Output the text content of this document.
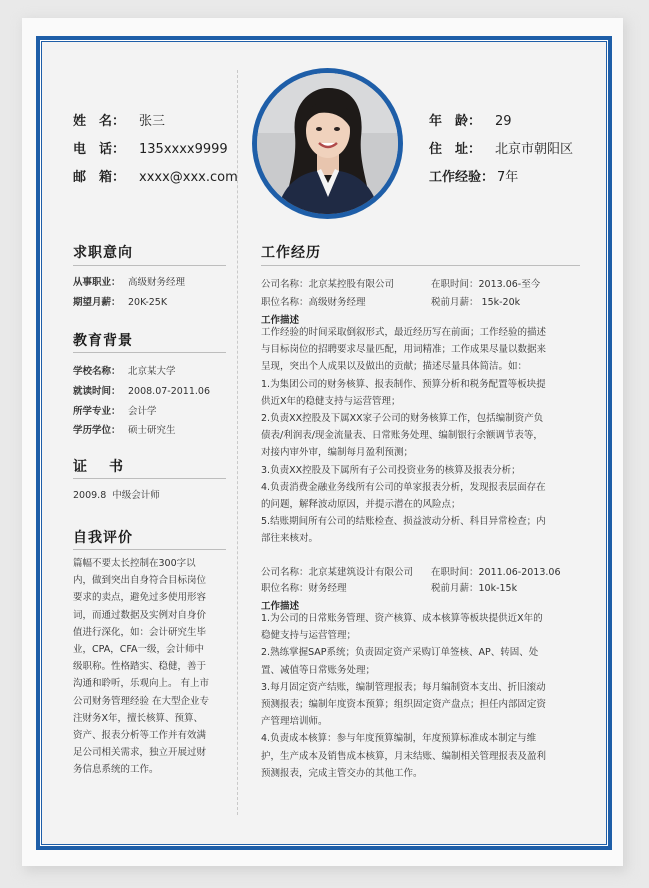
姓　名： 张三
电　话： 135xxxx9999
邮　箱： xxxx@xxx.com
年　龄： 29
住　址： 北京市朝阳区
工作经验： 7年
求职意向
从事职业： 高级财务经理
期望月薪： 20K-25K
教育背景
学校名称： 北京某大学
就读时间： 2008.07-2011.06
所学专业： 会计学
学历学位： 硕士研究生
证　书
2009.8  中级会计师
自我评价
篇幅不要太长控制在300字以
内，做到突出自身符合目标岗位
要求的卖点，避免过多使用形容
词，而通过数据及实例对自身价
值进行深化，如：会计研究生毕
业，CPA，CFA一级，会计师中
级职称。性格踏实、稳健，善于
沟通和聆听，乐观向上。 有上市
公司财务管理经验 在大型企业专
注财务X年，擅长核算、预算、
资产、报表分析等工作并有效满
足公司相关需求，独立开展过财
务信息系统的工作。
工作经历
公司名称：北京某控股有限公司	在职时间：2013.06-至今
职位名称：高级财务经理	税前月薪： 15k-20k
工作描述
工作经验的时间采取倒叙形式，最近经历写在前面；工作经验的描述
与目标岗位的招聘要求尽量匹配，用词精准；工作成果尽量以数据来
呈现，突出个人成果以及做出的贡献；描述尽量具体简洁。如：
1.为集团公司的财务核算、报表制作、预算分析和税务配置等板块提
供近X年的稳健支持与运营管理；
2.负责XX控股及下属XX家子公司的财务核算工作，包括编制资产负
债表/利润表/现金流量表、日常账务处理、编制银行余额调节表等，
对接内审外审，编制每月盈利预测；
3.负责XX控股及下属所有子公司投资业务的核算及报表分析；
4.负责消费金融业务线所有公司的单家报表分析，发现报表层面存在
的问题，解释波动原因，并提示潜在的风险点；
5.结账期间所有公司的结账检查、损益波动分析、科目异常检查；内
部往来核对。
公司名称：北京某建筑设计有限公司 在职时间：2011.06-2013.06
职位名称：财务经理	税前月薪：10k-15k
工作描述
1.为公司的日常账务管理、资产核算、成本核算等板块提供近X年的
稳健支持与运营管理；
2.熟练掌握SAP系统；负责固定资产采购订单签核、AP、转固、处
置、减值等日常账务处理；
3.每月固定资产结账，编制管理报表；每月编制资本支出、折旧滚动
预测报表；编制年度资本预算；组织固定资产盘点；担任内部固定资
产管理培训师。
4.负责成本核算：参与年度预算编制，年度预算标准成本制定与维
护，生产成本及销售成本核算，月末结账、编制相关管理报表及盈利
预测报表，完成主管交办的其他工作。
